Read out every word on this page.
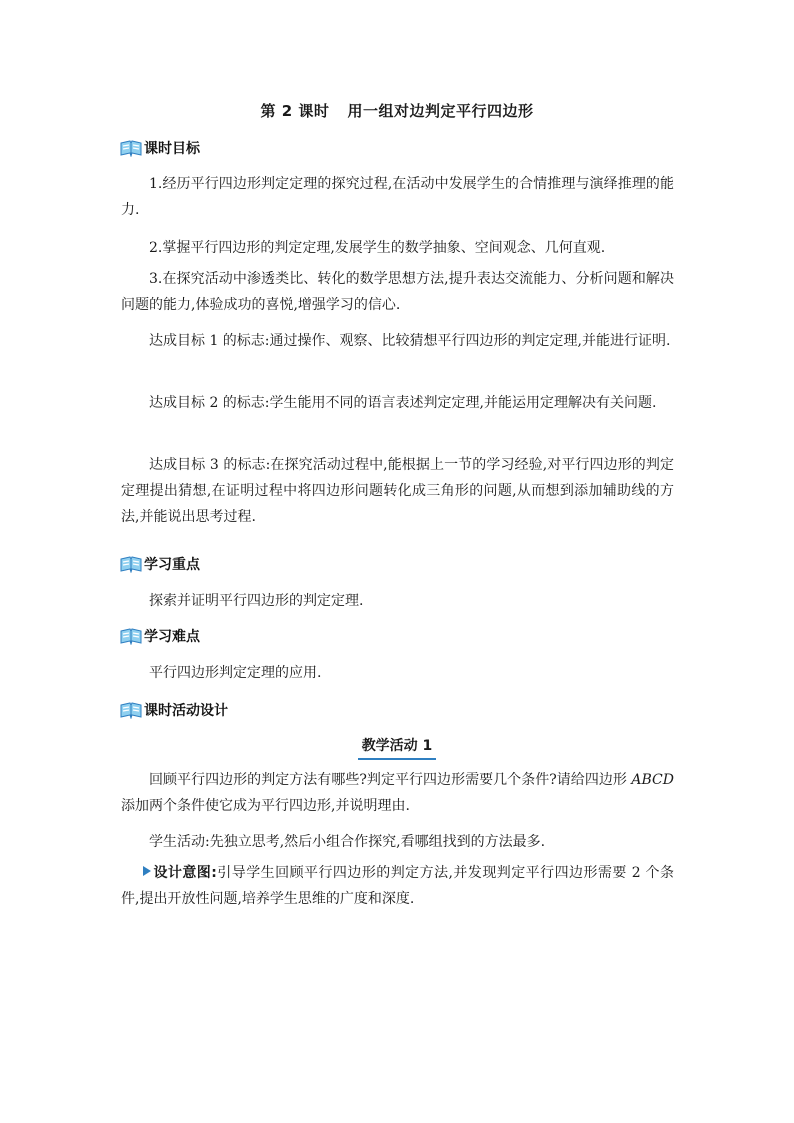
第 2 课时 用一组对边判定平行四边形
课时目标

1.经历平行四边形判定定理的探究过程,在活动中发展学生的合情推理与演绎推理的能力.

2.掌握平行四边形的判定定理,发展学生的数学抽象、空间观念、几何直观.

3.在探究活动中渗透类比、转化的数学思想方法,提升表达交流能力、分析问题和解决问题的能力,体验成功的喜悦,增强学习的信心.

达成目标 1 的标志:通过操作、观察、比较猜想平行四边形的判定定理,并能进行证明.

达成目标 2 的标志:学生能用不同的语言表述判定定理,并能运用定理解决有关问题.

达成目标 3 的标志:在探究活动过程中,能根据上一节的学习经验,对平行四边形的判定定理提出猜想,在证明过程中将四边形问题转化成三角形的问题,从而想到添加辅助线的方法,并能说出思考过程.

学习重点

探索并证明平行四边形的判定定理.

学习难点

平行四边形判定定理的应用.

课时活动设计
教学活动 1

回顾平行四边形的判定方法有哪些?判定平行四边形需要几个条件?请给四边形 ABCD 添加两个条件使它成为平行四边形,并说明理由.

学生活动:先独立思考,然后小组合作探究,看哪组找到的方法最多.

设计意图:引导学生回顾平行四边形的判定方法,并发现判定平行四边形需要 2 个条件,提出开放性问题,培养学生思维的广度和深度.
